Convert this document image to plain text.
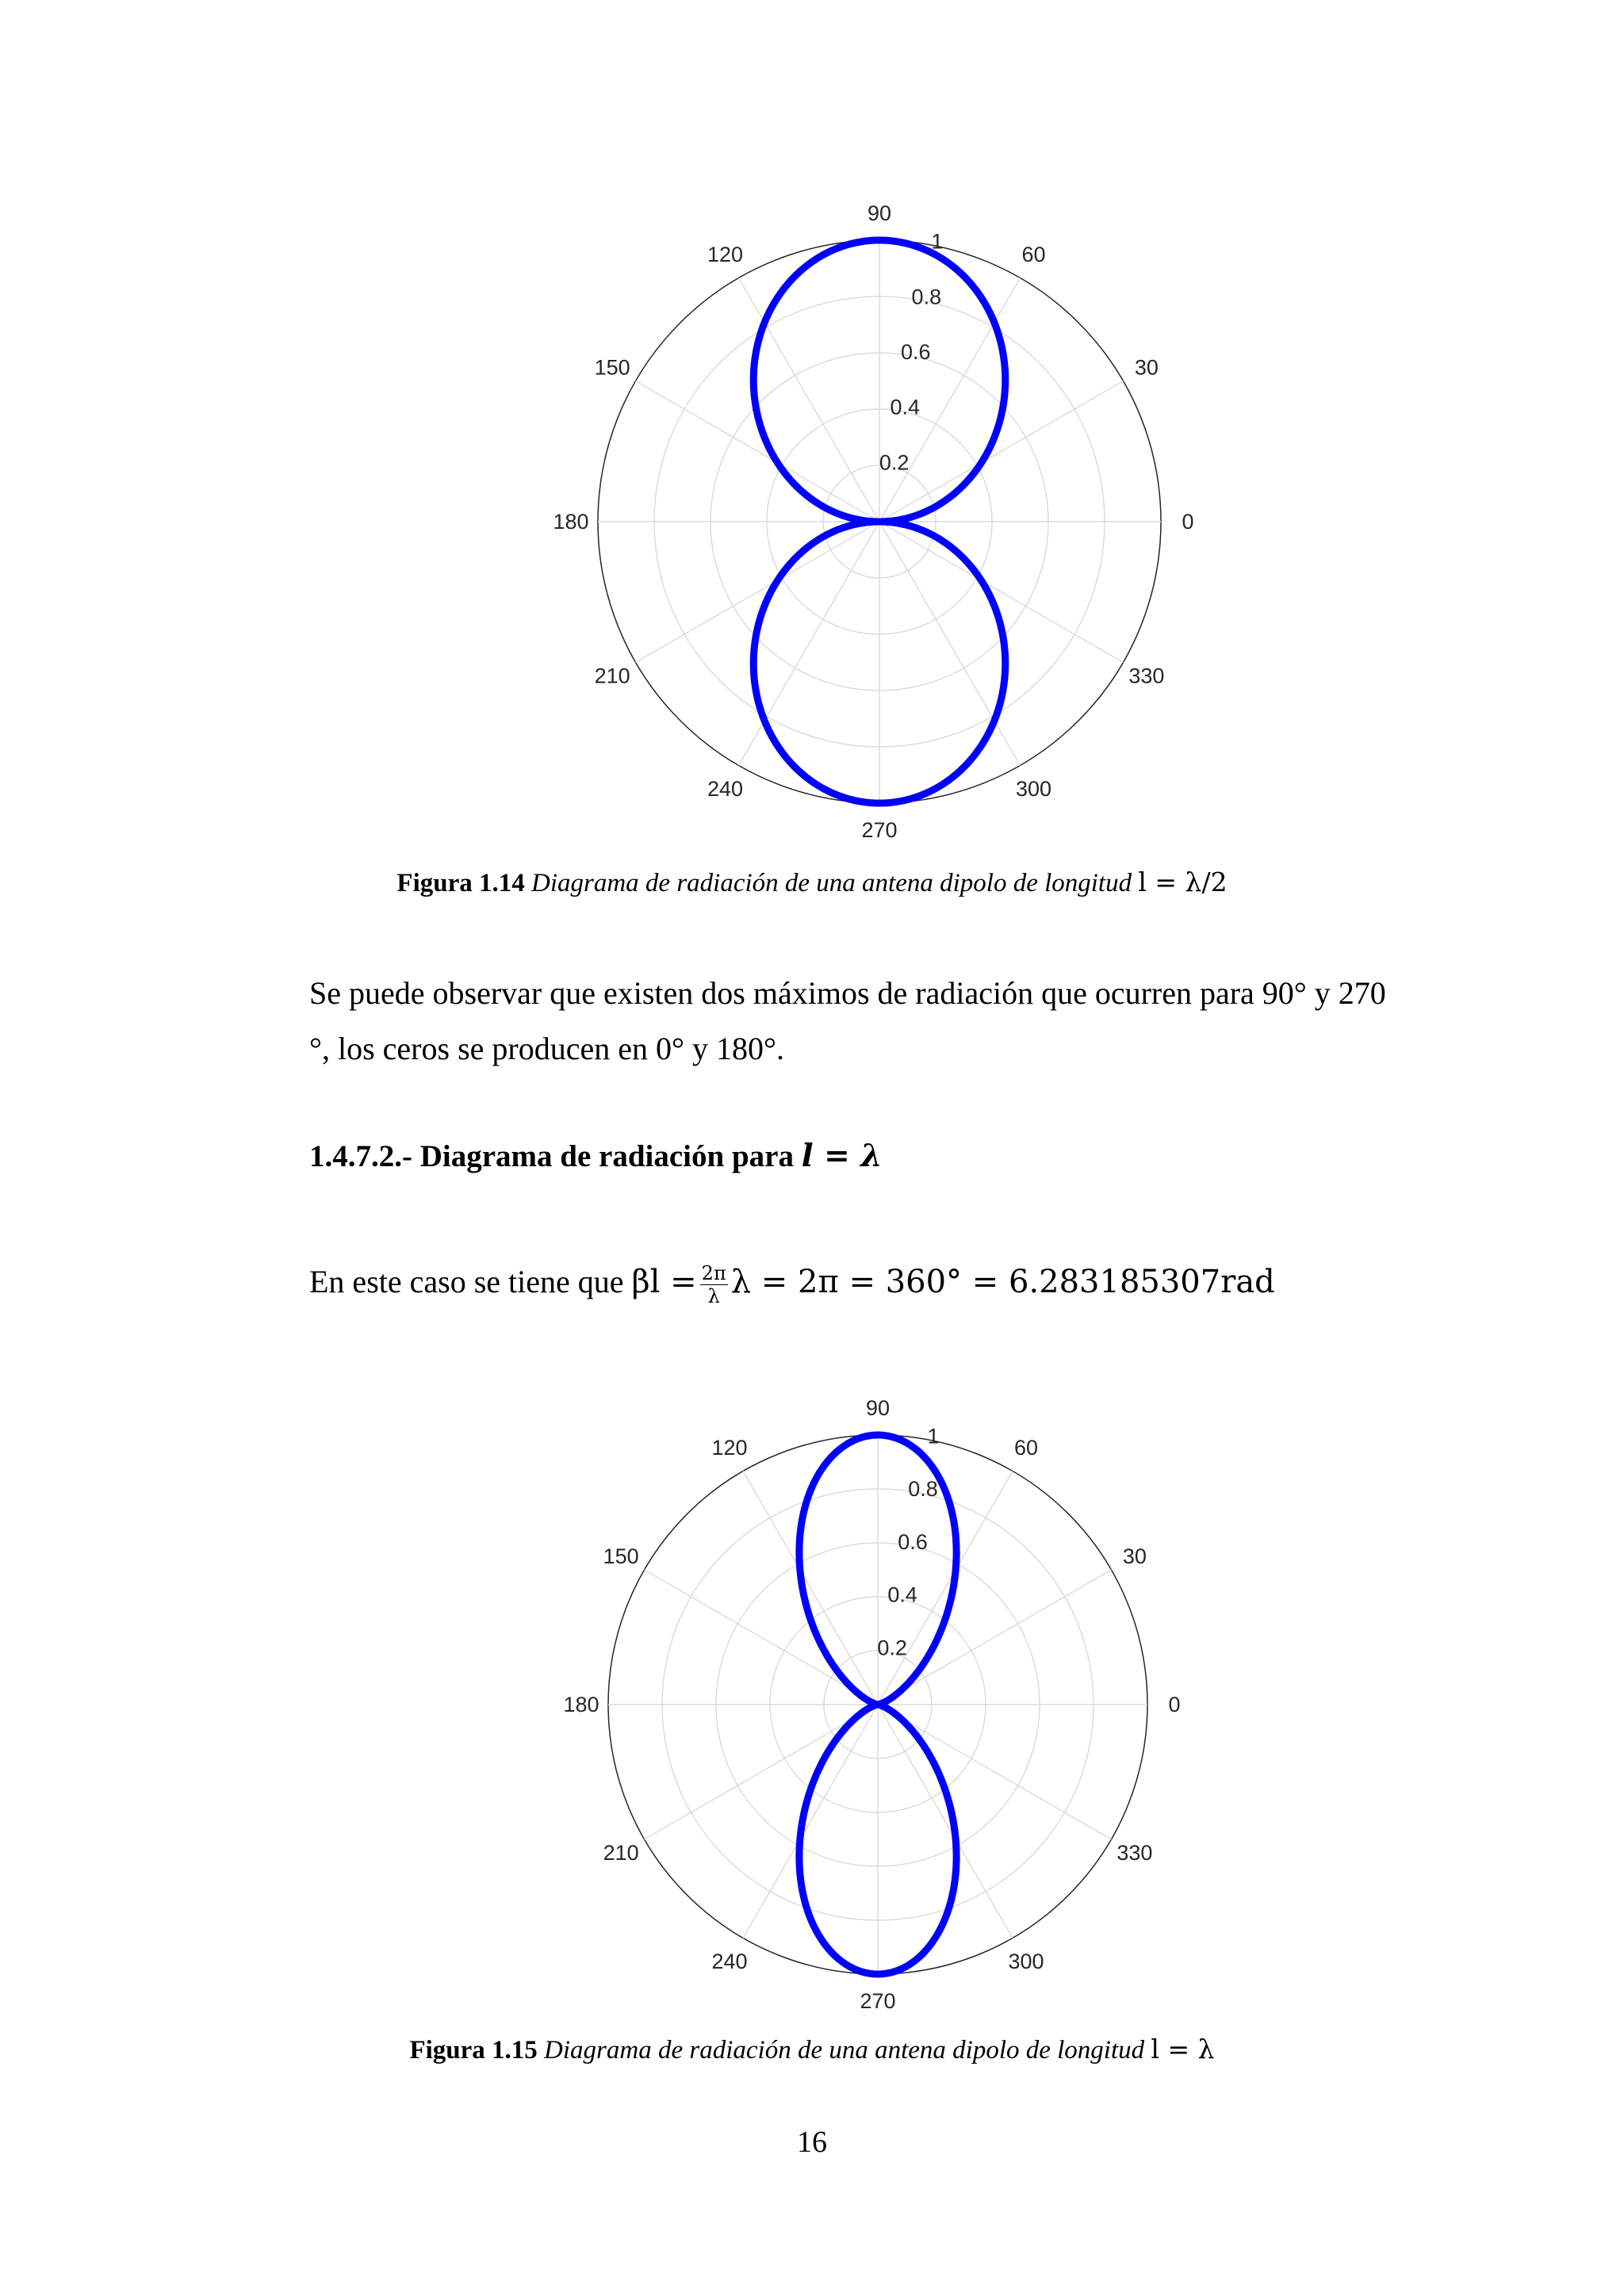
0
30
60
90
120
150
180
210
240
270
300
330
0.2
0.4
0.6
0.8
1
Figura 1.14 Diagrama de radiación de una antena dipolo de longitud l = λ/2
Se puede observar que existen dos máximos de radiación que ocurren para 90° y 270
°, los ceros se producen en 0° y 180°.
1.4.7.2.- Diagrama de radiación para l = λ
En este caso se tiene que $\beta l = \frac{2\pi}{\lambda}$ λ = 2π = 360° = 6.283185307rad
0
30
60
90
120
150
180
210
240
270
300
330
0.2
0.4
0.6
0.8
1
Figura 1.15 Diagrama de radiación de una antena dipolo de longitud l = λ
16
